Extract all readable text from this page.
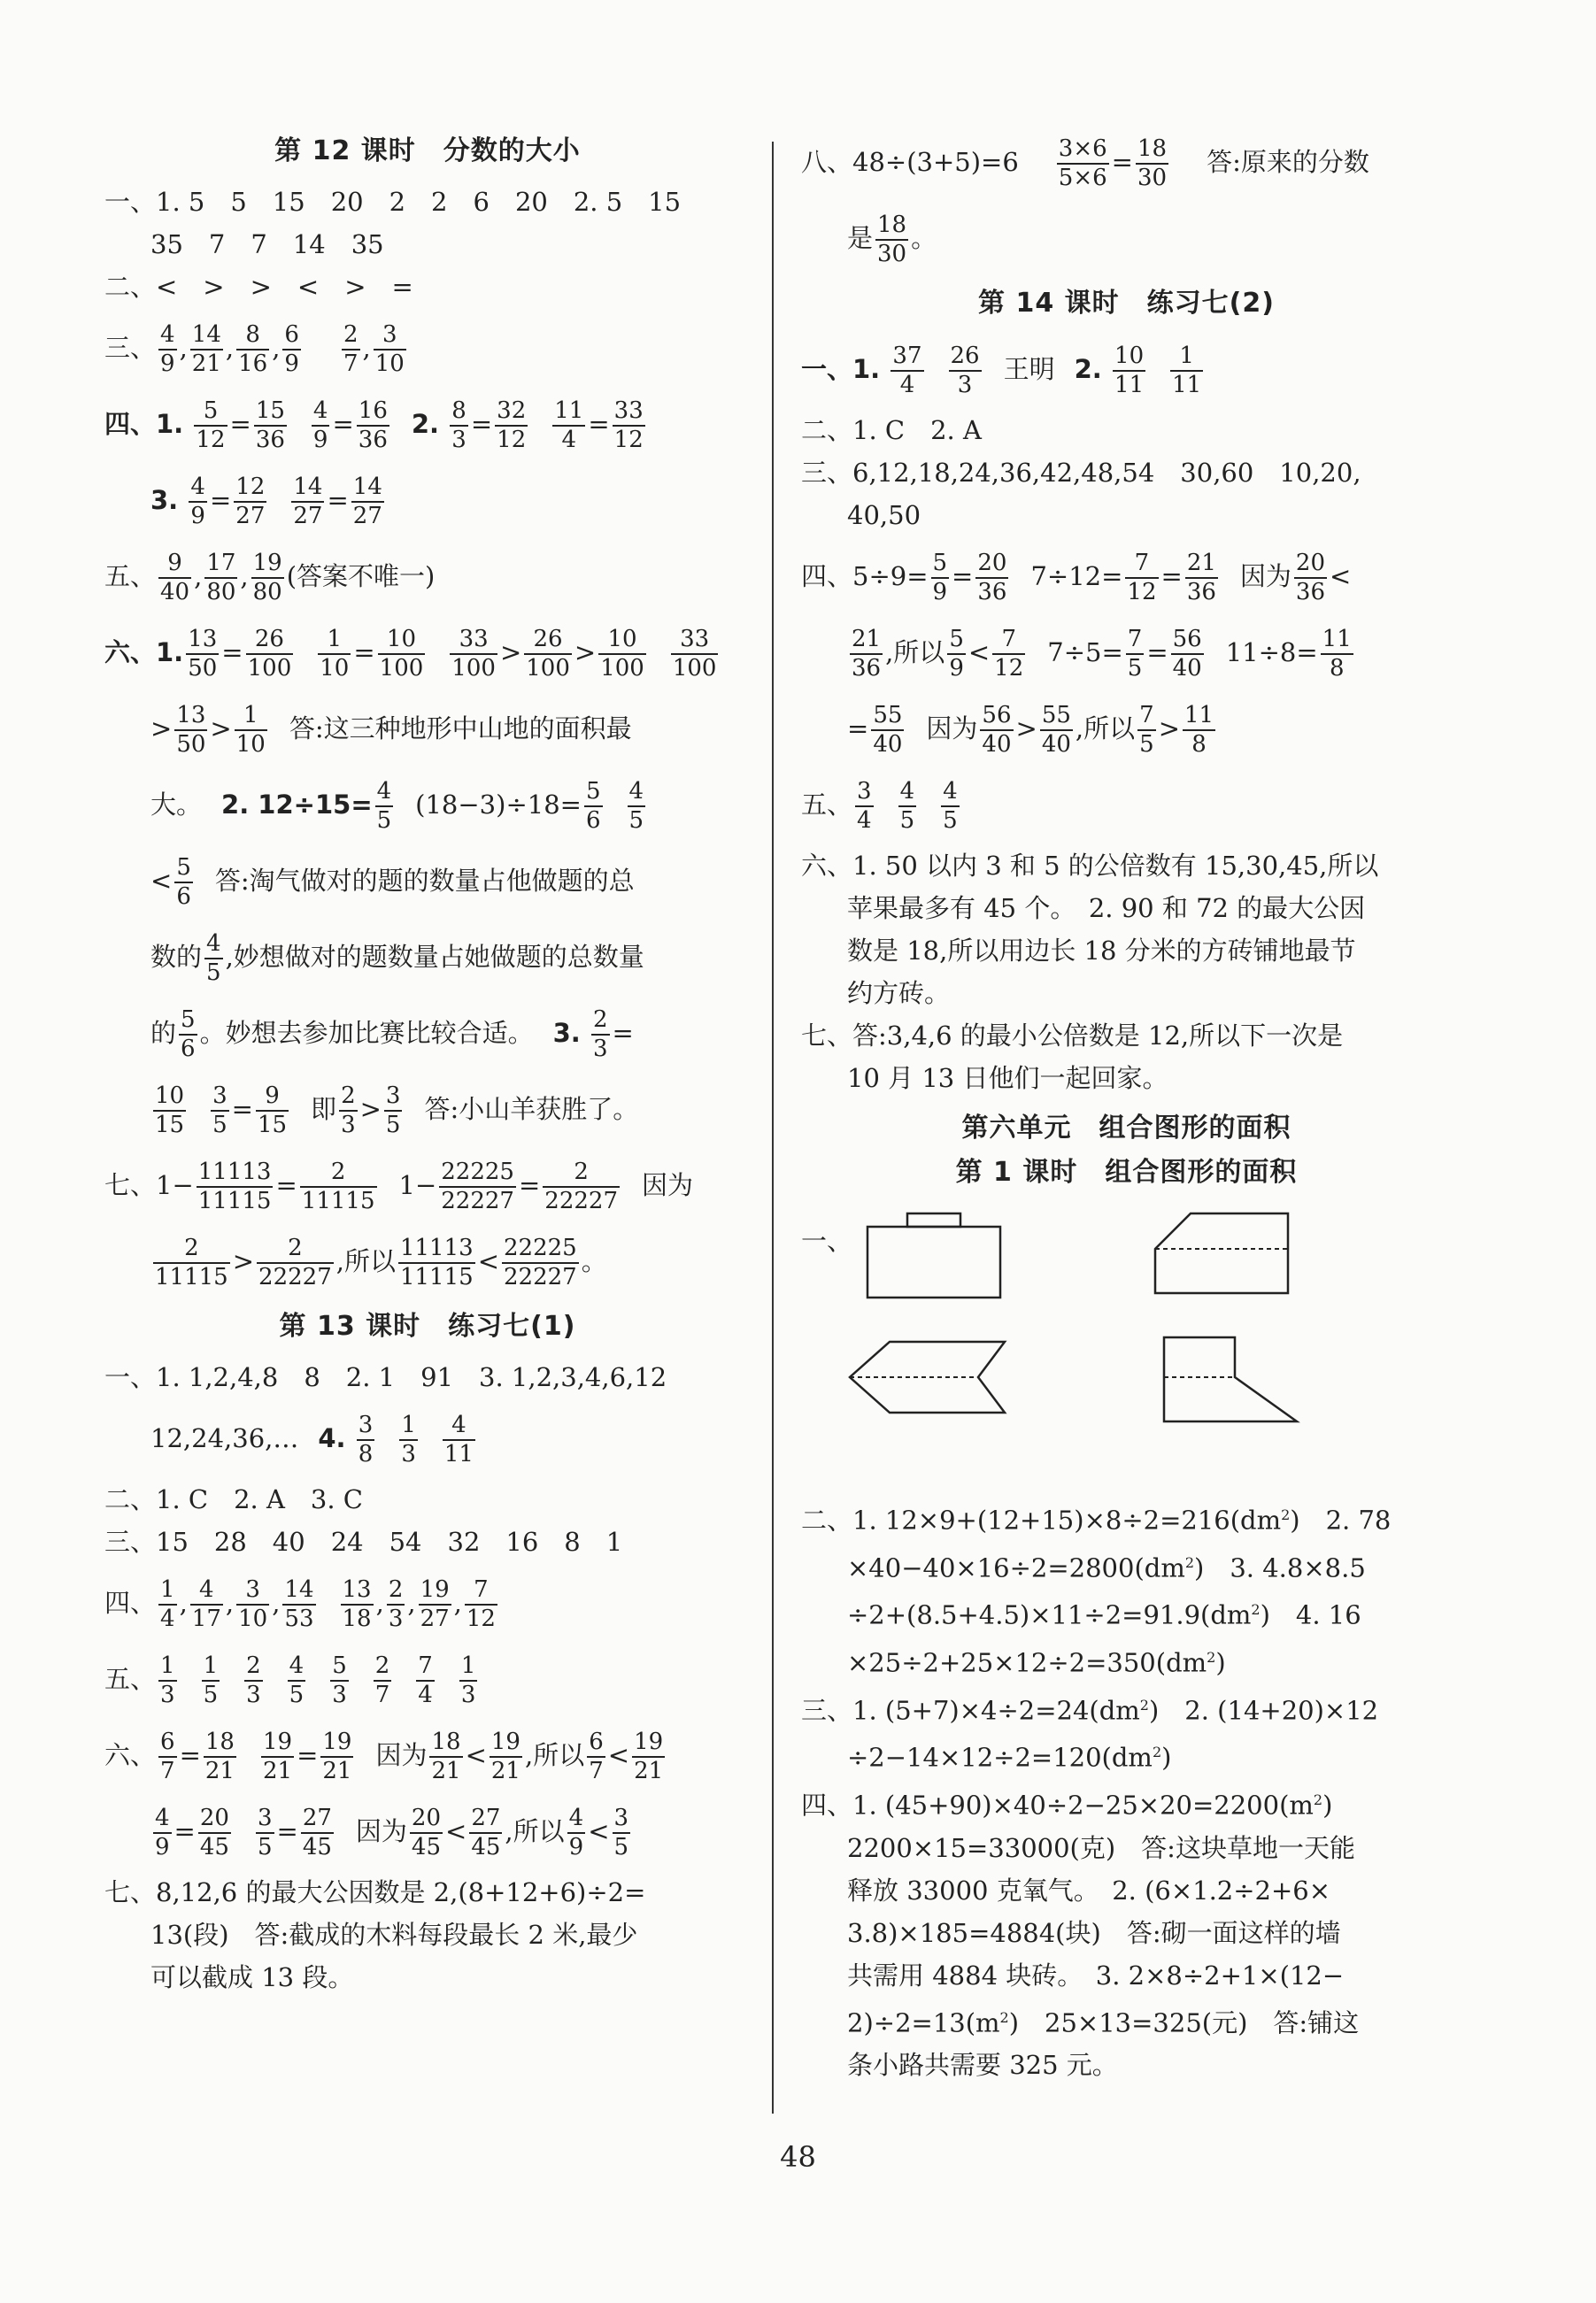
第 12 课时　分数的大小
一、1. 5　5　15　20　2　2　6　20　2. 5　15
35　7　7　14　35
二、<　>　>　<　>　=
三、 $\frac{4}{9}$ , $\frac{14}{21}$ , $\frac{8}{16}$ , $\frac{6}{9} \frac{2}{7}$ , $\frac{3}{10}$
四、1. $\frac{5}{12} = \frac{15}{36} \frac{4}{9} = \frac{16}{36} 2$. $\frac{8}{3} = \frac{32}{12} \frac{11}{4} = \frac{33}{12}$
3. $\frac{4}{9} = \frac{12}{27} \frac{14}{27} = \frac{14}{27}$
五、 $\frac{9}{40}$ , $\frac{17}{80}$ , $\frac{19}{80}$ (答案不唯一)
六、1. $\frac{13}{50} = \frac{26}{100} \frac{1}{10} = \frac{10}{100} \frac{33}{100} > \frac{26}{100} > \frac{10}{100} \frac{33}{100}$
> $\frac{13}{50} > \frac{1}{10}$ 答:这三种地形中山地的面积最
大。 2. $12\div 15= \frac{4}{5} (18-3)\div 18= \frac{5}{6} \frac{4}{5}$
< $\frac{5}{6}$ 答:淘气做对的题的数量占他做题的总
数的 $\frac{4}{5}$ ,妙想做对的题数量占她做题的总数量
的 $\frac{5}{6}$ 。妙想去参加比赛比较合适。 3. $\frac{2}{3}$ =
$\frac{10}{15} \frac{3}{5} = \frac{9}{15}$ 即 $\frac{2}{3} > \frac{3}{5}$ 答:小山羊获胜了。
七、$1- \frac{11113}{11115} = \frac{2}{11115} 1- \frac{22225}{22227} = \frac{2}{22227}$ 因为
$\frac{2}{11115} > \frac{2}{22227}$ ,所以 $\frac{11113}{11115} < \frac{22225}{22227}$ 。
第 13 课时　练习七(1)
一、1. 1,2,4,8　8　2. 1　91　3. 1,2,3,4,6,12
12,24,36,… 4. $\frac{3}{8} \frac{1}{3} \frac{4}{11}$
二、1. C　2. A　3. C
三、15　28　40　24　54　32　16　8　1
四、 $\frac{1}{4}$ , $\frac{4}{17}$ , $\frac{3}{10}$ , $\frac{14}{53} \frac{13}{18}$ , $\frac{2}{3}$ , $\frac{19}{27}$ , $\frac{7}{12}$
五、 $\frac{1}{3} \frac{1}{5} \frac{2}{3} \frac{4}{5} \frac{5}{3} \frac{2}{7} \frac{7}{4} \frac{1}{3}$
六、 $\frac{6}{7} = \frac{18}{21} \frac{19}{21} = \frac{19}{21}$ 因为 $\frac{18}{21} < \frac{19}{21}$ ,所以 $\frac{6}{7} < \frac{19}{21}$
$\frac{4}{9} = \frac{20}{45} \frac{3}{5} = \frac{27}{45}$ 因为 $\frac{20}{45} < \frac{27}{45}$ ,所以 $\frac{4}{9} < \frac{3}{5}$
七、8,12,6 的最大公因数是 2,(8+12+6)÷2=
13(段)　答:截成的木料每段最长 2 米,最少
可以截成 13 段。
八、$48\div(3+5)=6 \frac{3\times 6}{5\times 6} = \frac{18}{30}$ 答:原来的分数
是 $\frac{18}{30}$ 。
第 14 课时　练习七(2)
一、1. $\frac{37}{4} \frac{26}{3}$ 王明 2. $\frac{10}{11} \frac{1}{11}$
二、1. C　2. A
三、6,12,18,24,36,42,48,54　30,60　10,20,
40,50
四、$5\div 9= \frac{5}{9} = \frac{20}{36} 7\div 12= \frac{7}{12} = \frac{21}{36}$ 因为 $\frac{20}{36}$ <
$\frac{21}{36}$ ,所以 $\frac{5}{9} < \frac{7}{12} 7\div 5= \frac{7}{5} = \frac{56}{40} 11\div 8= \frac{11}{8}$
= $\frac{55}{40}$ 因为 $\frac{56}{40} > \frac{55}{40}$ ,所以 $\frac{7}{5} > \frac{11}{8}$
五、 $\frac{3}{4} \frac{4}{5} \frac{4}{5}$
六、1. 50 以内 3 和 5 的公倍数有 15,30,45,所以
苹果最多有 45 个。　2. 90 和 72 的最大公因
数是 18,所以用边长 18 分米的方砖铺地最节
约方砖。
七、答:3,4,6 的最小公倍数是 12,所以下一次是
10 月 13 日他们一起回家。
第六单元　组合图形的面积
第 1 课时　组合图形的面积
一、
二、1. $12\times 9+(12+15)\times 8\div 2=216(dm^2)$　2. 78
$\times 40-40\times 16\div 2=2800(dm^2)$　3. 4.8×8.5
$\div 2+(8.5+4.5)\times 11\div 2=91.9(dm^2)$　4. 16
$\times 25\div 2+25\times 12\div 2=350(dm^2)$
三、1. $(5+7)\times 4\div 2=24(dm^2)$　2. (14+20)×12
$\div 2-14\times 12\div 2=120(dm^2)$
四、1. $(45+90)\times 40\div 2-25\times 20=2200(m^2)$
2200×15=33000(克)　答:这块草地一天能
释放 33000 克氧气。　2. (6×1.2÷2+6×
3.8)×185=4884(块)　答:砌一面这样的墙
共需用 4884 块砖。　3. 2×8÷2+1×(12−
$2)\div 2=13(m^2)$　25×13=325(元)　答:铺这
条小路共需要 325 元。
48
